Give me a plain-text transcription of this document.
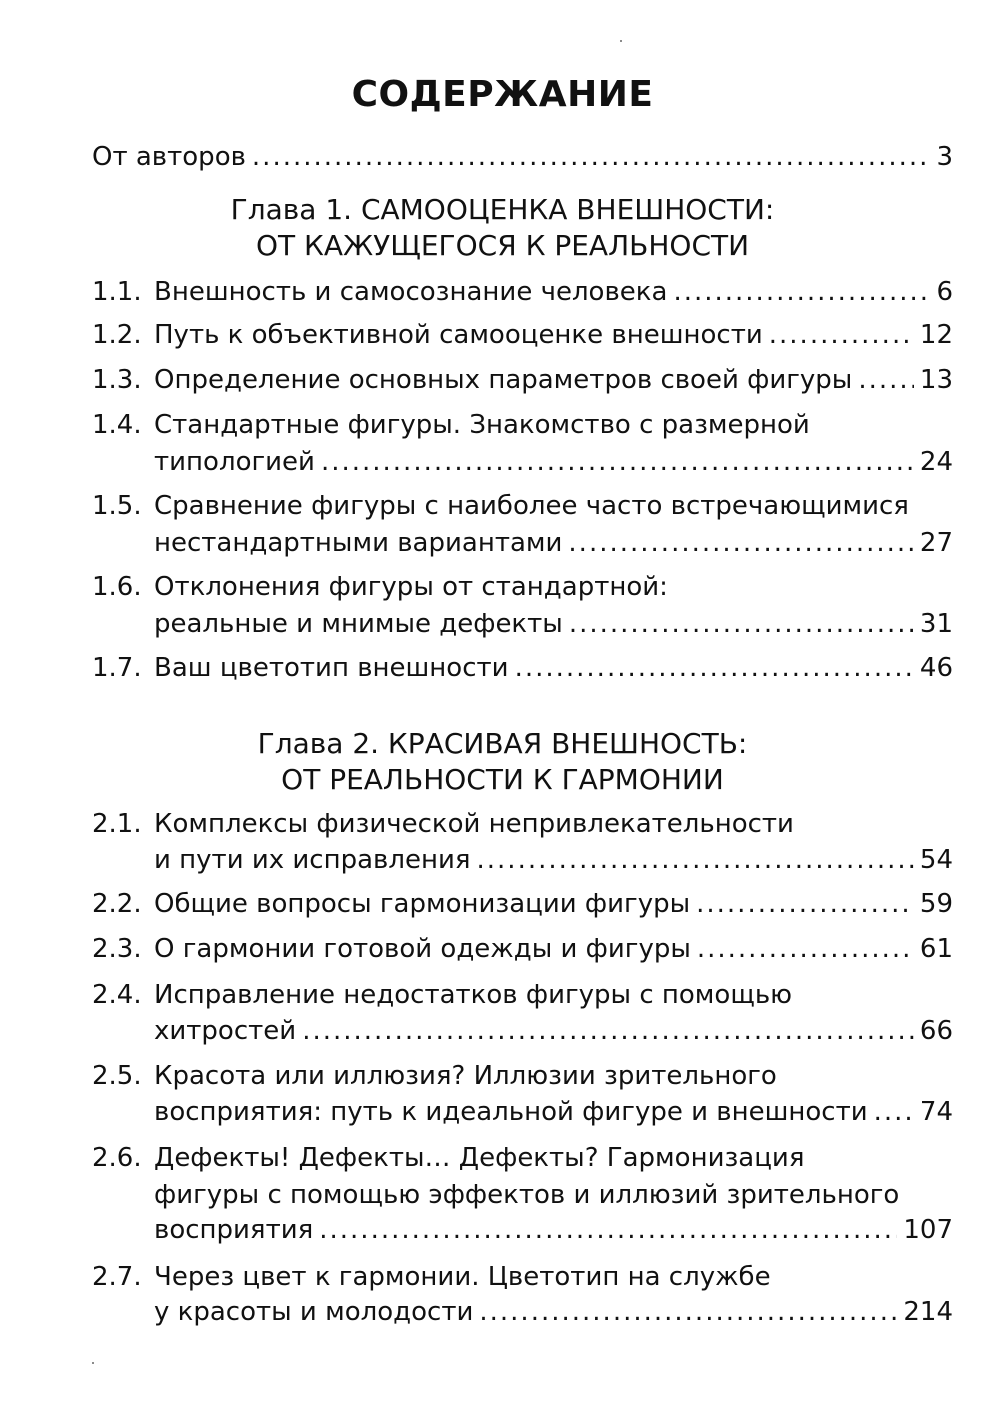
СОДЕРЖАНИЕ
От авторов .....	3
Глава 1. САМООЦЕНКА ВНЕШНОСТИ:
ОТ КАЖУЩЕГОСЯ К РЕАЛЬНОСТИ
1.1. Внешность и самосознание человека .....	6
1.2. Путь к объективной самооценке внешности .....	12
1.3. Определение основных параметров своей фигуры .....	13
1.4. Стандартные фигуры. Знакомство с размерной
типологией .....	24
1.5. Сравнение фигуры с наиболее часто встречающимися
нестандартными вариантами .....	27
1.6. Отклонения фигуры от стандартной:
реальные и мнимые дефекты .....	31
1.7. Ваш цветотип внешности .....	46
Глава 2. КРАСИВАЯ ВНЕШНОСТЬ:
ОТ РЕАЛЬНОСТИ К ГАРМОНИИ
2.1. Комплексы физической непривлекательности
и пути их исправления .....	54
2.2. Общие вопросы гармонизации фигуры .....	59
2.3. О гармонии готовой одежды и фигуры .....	61
2.4. Исправление недостатков фигуры с помощью
хитростей .....	66
2.5. Красота или иллюзия? Иллюзии зрительного
восприятия: путь к идеальной фигуре и внешности ..... 74
2.6. Дефекты! Дефекты… Дефекты? Гармонизация
фигуры с помощью эффектов и иллюзий зрительного
восприятия .....	107
2.7. Через цвет к гармонии. Цветотип на службе
у красоты и молодости .....	214
